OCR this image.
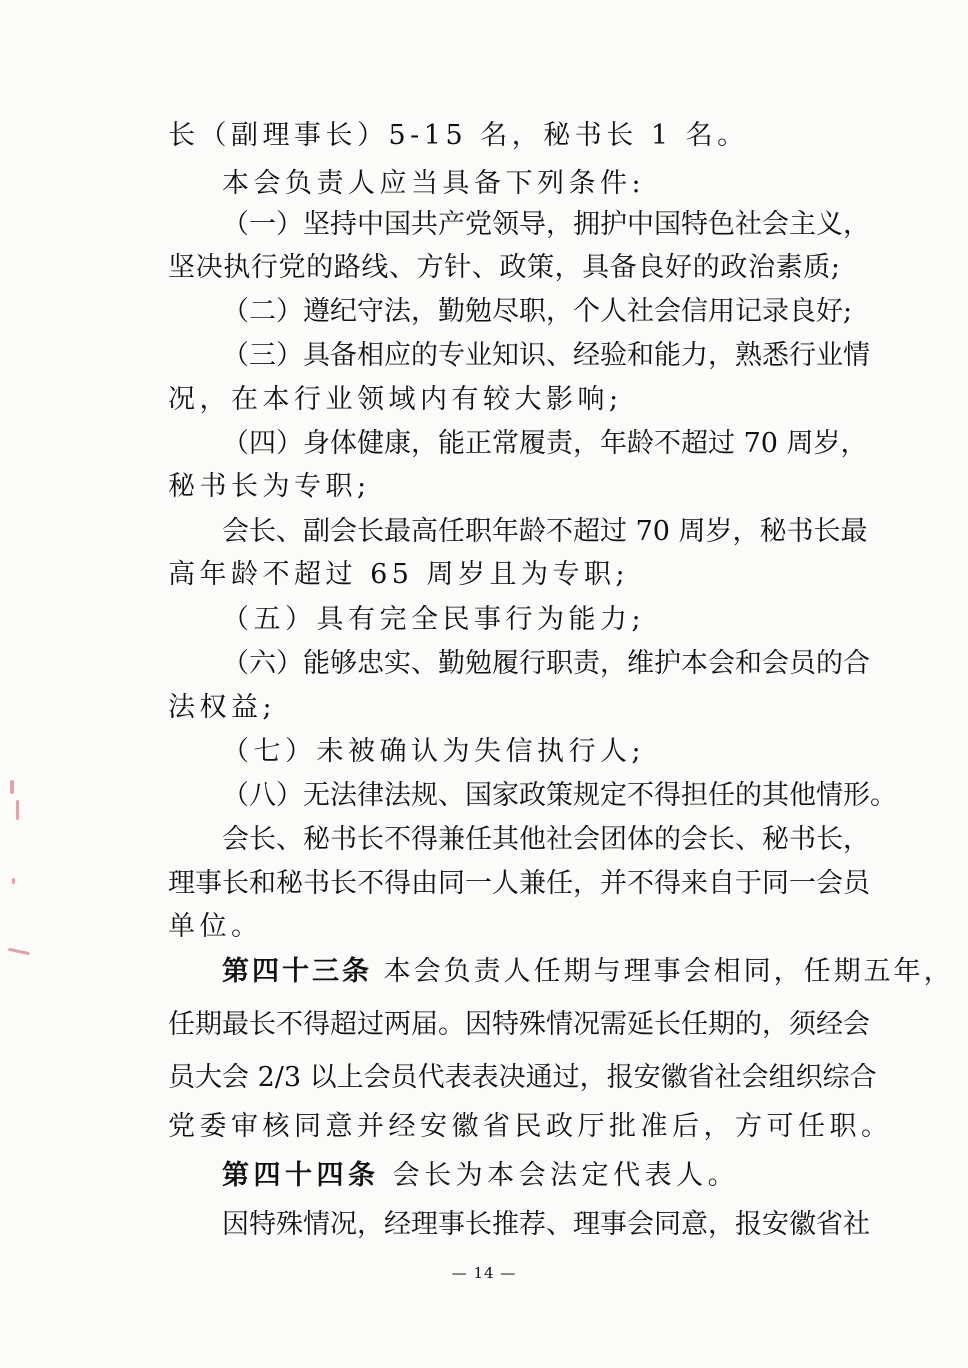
长（副理事长）5-15 名，秘书长 1 名。
本会负责人应当具备下列条件:
（一）坚持中国共产党领导，拥护中国特色社会主义，
坚决执行党的路线、方针、政策，具备良好的政治素质;
（二）遵纪守法，勤勉尽职，个人社会信用记录良好;
（三）具备相应的专业知识、经验和能力，熟悉行业情
况，在本行业领域内有较大影响;
（四）身体健康，能正常履责，年龄不超过 70 周岁，
秘书长为专职;
会长、副会长最高任职年龄不超过 70 周岁，秘书长最
高年龄不超过 65 周岁且为专职;
（五）具有完全民事行为能力;
（六）能够忠实、勤勉履行职责，维护本会和会员的合
法权益;
（七）未被确认为失信执行人;
（八）无法律法规、国家政策规定不得担任的其他情形。
会长、秘书长不得兼任其他社会团体的会长、秘书长，
理事长和秘书长不得由同一人兼任，并不得来自于同一会员
单位。
第四十三条 本会负责人任期与理事会相同，任期五年，
任期最长不得超过两届。因特殊情况需延长任期的，须经会
员大会 2/3 以上会员代表表决通过，报安徽省社会组织综合
党委审核同意并经安徽省民政厅批准后，方可任职。
第四十四条 会长为本会法定代表人。
因特殊情况，经理事长推荐、理事会同意，报安徽省社
— 14 —
